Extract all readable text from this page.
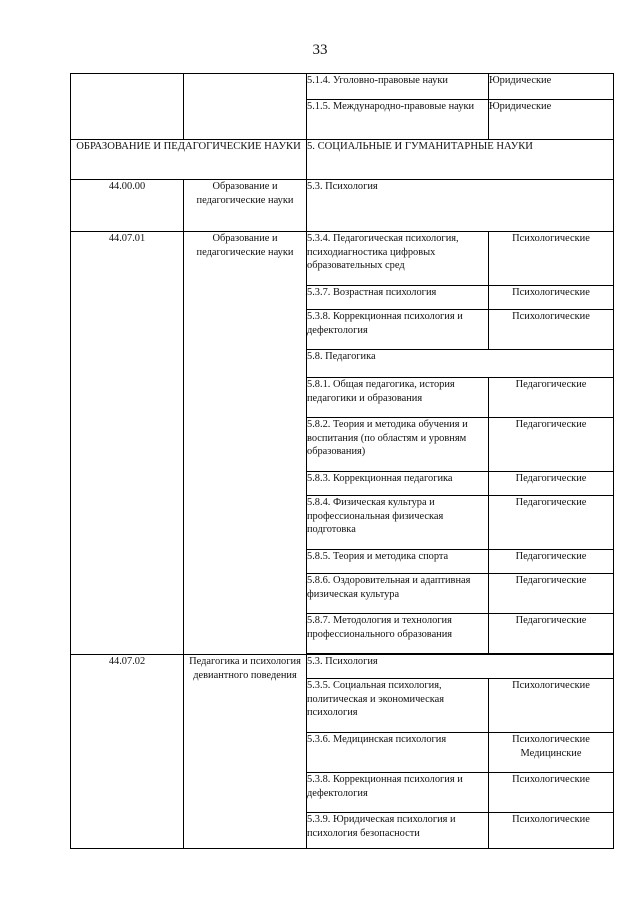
33
		5.1.4. Уголовно-правовые науки	Юридические
		5.1.5. Международно-правовые науки	Юридические
ОБРАЗОВАНИЕ И ПЕДАГОГИЧЕСКИЕ НАУКИ		5. СОЦИАЛЬНЫЕ И ГУМАНИТАРНЫЕ НАУКИ	
44.00.00	Образование и педагогические науки	5.3. Психология	
44.07.01	Образование и педагогические науки	5.3.4. Педагогическая психология, психодиагностика цифровых образовательных сред	Психологические
		5.3.7. Возрастная психология	Психологические
		5.3.8. Коррекционная психология и дефектология	Психологические
		5.8. Педагогика	
		5.8.1. Общая педагогика, история педагогики и образования	Педагогические
		5.8.2. Теория и методика обучения и воспитания (по областям и уровням образования)	Педагогические
		5.8.3. Коррекционная педагогика	Педагогические
		5.8.4. Физическая культура и профессиональная физическая подготовка	Педагогические
		5.8.5. Теория и методика спорта	Педагогические
		5.8.6. Оздоровительная и адаптивная физическая культура	Педагогические
		5.8.7. Методология и технология профессионального образования	Педагогические

44.07.02	Педагогика и психология девиантного поведения	5.3. Психология	
		5.3.5. Социальная психология, политическая и экономическая психология	Психологические
		5.3.6. Медицинская психология	Психологические Медицинские
		5.3.8. Коррекционная психология и дефектология	Психологические
		5.3.9. Юридическая психология и психология безопасности	Психологические
